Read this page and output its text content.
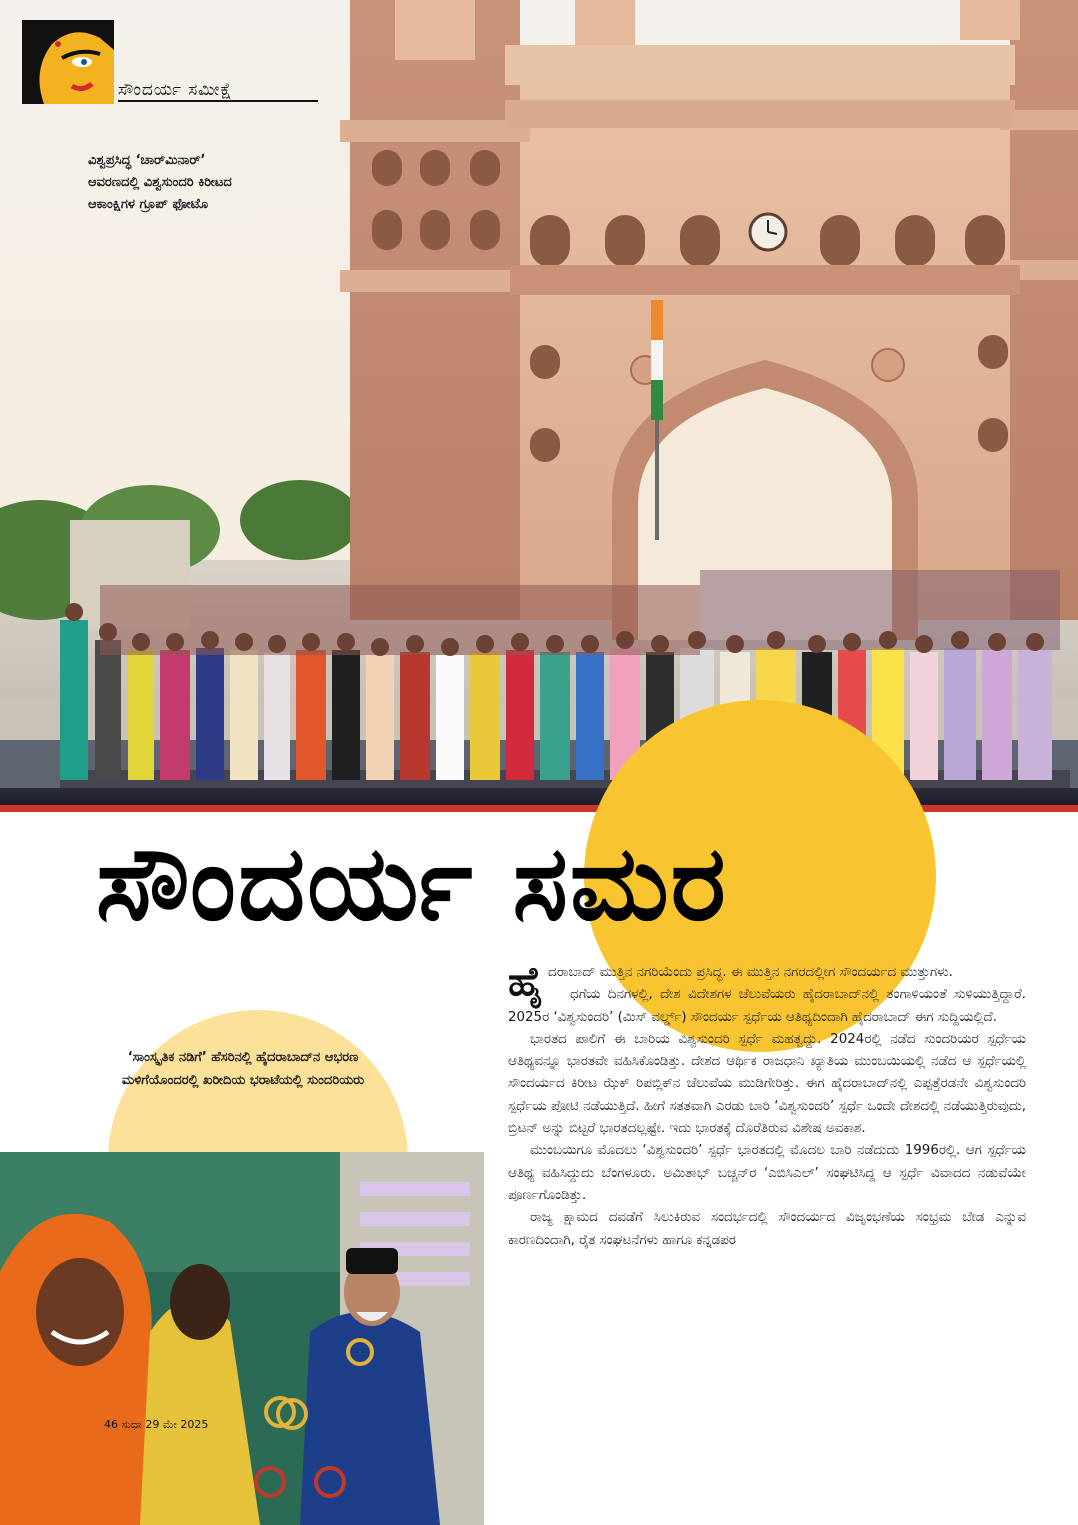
ಸೌಂದರ್ಯ ಸಮೀಕ್ಷೆ
ವಿಶ್ವಪ್ರಸಿದ್ಧ ‘ಚಾರ್‌ಮಿನಾರ್’ ಆವರಣದಲ್ಲಿ ವಿಶ್ವಸುಂದರಿ ಕಿರೀಟದ ಆಕಾಂಕ್ಷಿಗಳ ಗ್ರೂಪ್ ಫೋಟೊ
ಸೌಂದರ್ಯ ಸಮರ
‘ಸಾಂಸ್ಕೃತಿಕ ನಡಿಗೆ’ ಹೆಸರಿನಲ್ಲಿ ಹೈದರಾಬಾದ್‌ನ ಆಭರಣ ಮಳಿಗೆಯೊಂದರಲ್ಲಿ ಖರೀದಿಯ ಭರಾಟೆಯಲ್ಲಿ ಸುಂದರಿಯರು
46 ಸುಧಾ 29 ಮೇ 2025

ಹೈದರಾಬಾದ್ ಮುತ್ತಿನ ನಗರಿಯೆಂದು ಪ್ರಸಿದ್ಧ. ಈ ಮುತ್ತಿನ ನಗರದಲ್ಲೀಗ ಸೌಂದರ್ಯದ ಮುತ್ತುಗಳು.

ಧಗೆಯ ದಿನಗಳಲ್ಲಿ, ದೇಶ ವಿದೇಶಗಳ ಚೆಲುವೆಯರು ಹೈದರಾಬಾದ್‌ನಲ್ಲಿ ತಂಗಾಳಿಯಂತೆ ಸುಳಿಯುತ್ತಿದ್ದಾರೆ. 2025ರ ‘ವಿಶ್ವಸುಂದರಿ’ (ಮಿಸ್ ವರ್ಲ್ಡ್) ಸೌಂದರ್ಯ ಸ್ಪರ್ಧೆಯ ಆತಿಥ್ಯದಿಂದಾಗಿ ಹೈದರಾಬಾದ್ ಈಗ ಸುದ್ದಿಯಲ್ಲಿದೆ.

ಭಾರತದ ಪಾಲಿಗೆ ಈ ಬಾರಿಯ ವಿಶ್ವಸುಂದರಿ ಸ್ಪರ್ಧೆ ಮಹತ್ವದ್ದು. 2024ರಲ್ಲಿ ನಡೆದ ಸುಂದರಿಯರ ಸ್ಪರ್ಧೆಯ ಆತಿಥ್ಯವನ್ನೂ ಭಾರತವೇ ವಹಿಸಿಕೊಂಡಿತ್ತು. ದೇಶದ ಆರ್ಥಿಕ ರಾಜಧಾನಿ ಖ್ಯಾತಿಯ ಮುಂಬಯಿಯಲ್ಲಿ ನಡೆದ ಆ ಸ್ಪರ್ಧೆಯಲ್ಲಿ ಸೌಂದರ್ಯದ ಕಿರೀಟ ಝೆಕ್ ರಿಪಬ್ಲಿಕ್‌ನ ಚೆಲುವೆಯ ಮುಡಿಗೇರಿತ್ತು. ಈಗ ಹೈದರಾಬಾದ್‌ನಲ್ಲಿ ಎಪ್ಪತ್ತೆರಡನೇ ವಿಶ್ವಸುಂದರಿ ಸ್ಪರ್ಧೆಯ ಪೋಟಿ ನಡೆಯುತ್ತಿದೆ. ಹೀಗೆ ಸತತವಾಗಿ ಎರಡು ಬಾರಿ ‘ವಿಶ್ವಸುಂದರಿ’ ಸ್ಪರ್ಧೆ ಒಂದೇ ದೇಶದಲ್ಲಿ ನಡೆಯುತ್ತಿರುವುದು, ಬ್ರಿಟನ್ ಅನ್ನು ಬಿಟ್ಟರೆ ಭಾರತದಲ್ಲಷ್ಟೇ. ಇದು ಭಾರತಕ್ಕೆ ದೊರೆತಿರುವ ವಿಶೇಷ ಅವಕಾಶ.

ಮುಂಬಯಿಗೂ ಮೊದಲು ‘ವಿಶ್ವಸುಂದರಿ’ ಸ್ಪರ್ಧೆ ಭಾರತದಲ್ಲಿ ಮೊದಲ ಬಾರಿ ನಡೆದುದು 1996ರಲ್ಲಿ. ಆಗ ಸ್ಪರ್ಧೆಯ ಆತಿಥ್ಯ ವಹಿಸಿದ್ದುದು ಬೆಂಗಳೂರು. ಅಮಿತಾಭ್ ಬಚ್ಚನ್‌ರ ‘ಎಬಿಸಿಎಲ್’ ಸಂಘಟಿಸಿದ್ದ ಆ ಸ್ಪರ್ಧೆ ವಿವಾದದ ನಡುವೆಯೇ ಪೂರ್ಣಗೊಂಡಿತ್ತು.

ರಾಜ್ಯ ಕ್ಷಾಮದ ದವಡೆಗೆ ಸಿಲುಕಿರುವ ಸಂದರ್ಭದಲ್ಲಿ ಸೌಂದರ್ಯದ ವಿಜೃಂಭಣೆಯ ಸಂಭ್ರಮ ಬೇಡ ಎನ್ನುವ ಕಾರಣದಿಂದಾಗಿ, ರೈತ ಸಂಘಟನೆಗಳು ಹಾಗೂ ಕನ್ನಡಪರ
